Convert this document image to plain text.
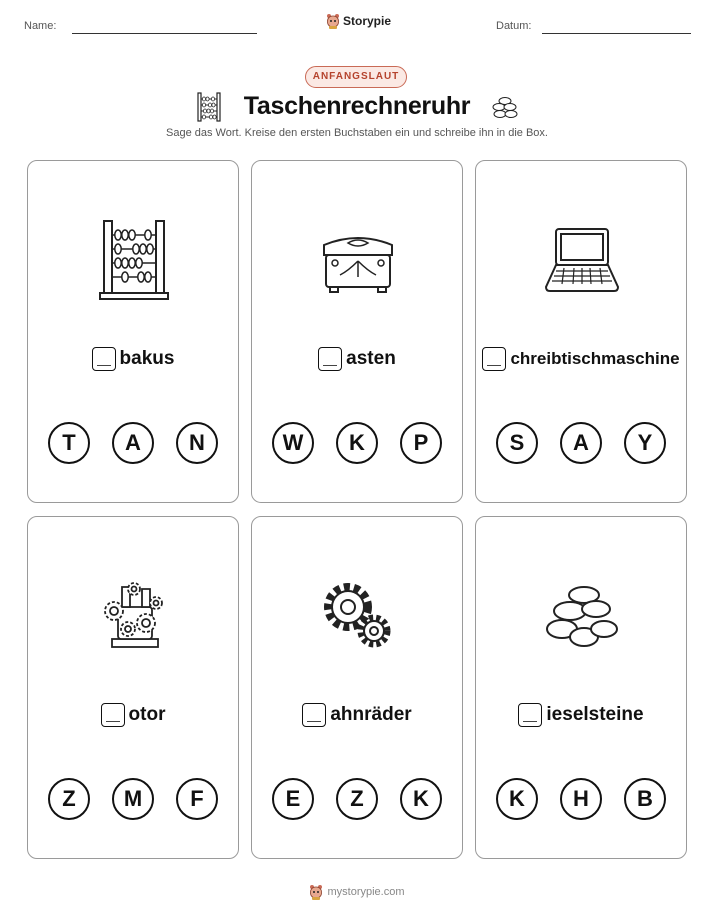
Name:	Storypie	Datum:
ANFANGSLAUT
Taschenrechneruhr
Sage das Wort. Kreise den ersten Buchstaben ein und schreibe ihn in die Box.
bakus
T	A	N
asten
W	K	P
chreibtischmaschine
S	A	Y
otor
Z	M	F
ahnräder
E	Z	K
ieselsteine
K	H	B
mystorypie.com
